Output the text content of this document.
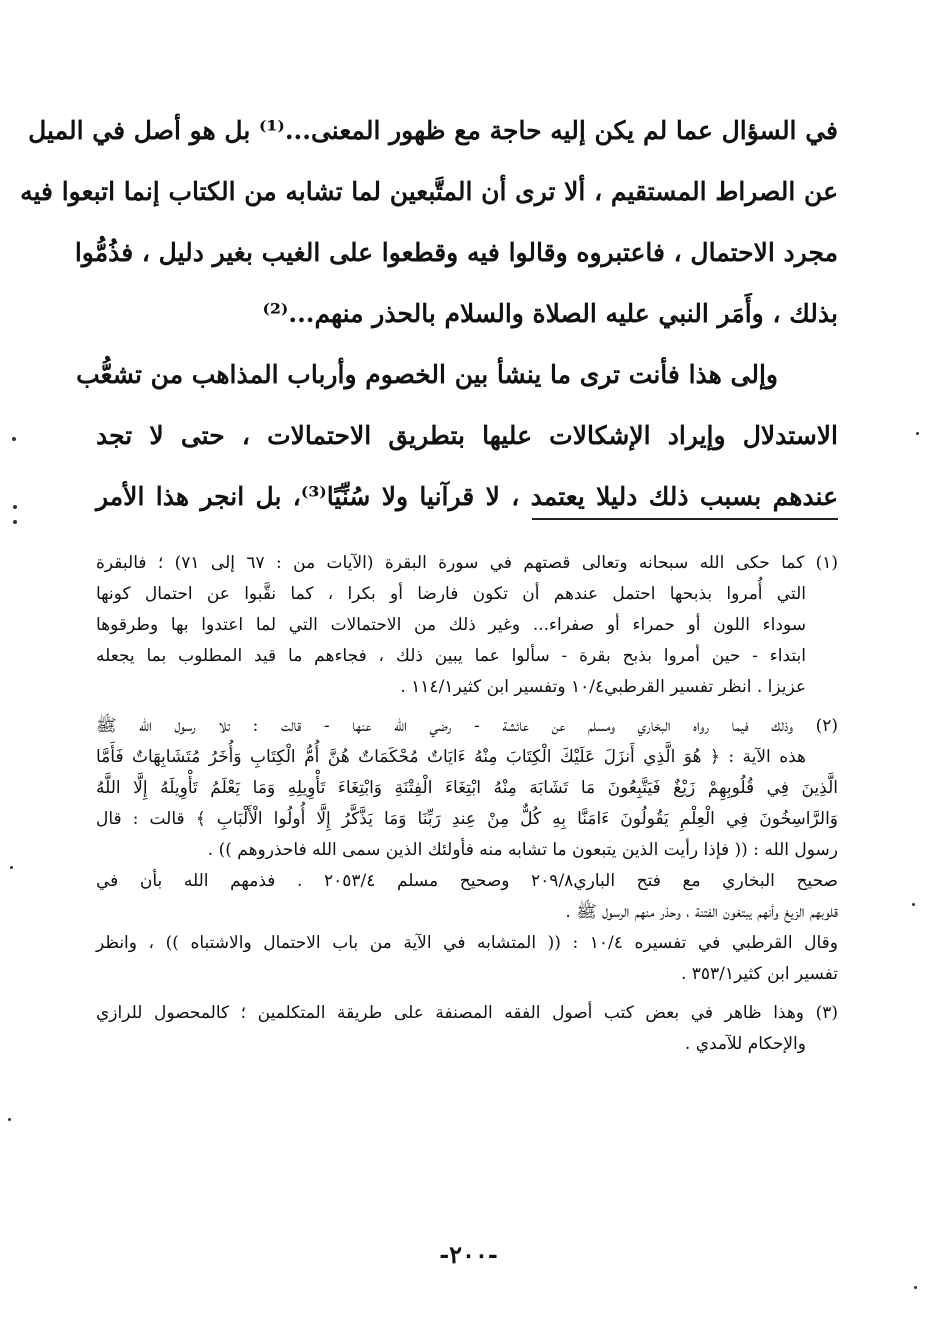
في السؤال عما لم يكن إليه حاجة مع ظهور المعنى...⁽¹⁾ بل هو أصل في الميل
عن الصراط المستقيم ، ألا ترى أن المتَّبعين لما تشابه من الكتاب إنما اتبعوا فيه
مجرد الاحتمال ، فاعتبروه وقالوا فيه وقطعوا على الغيب بغير دليل ، فذُمُّوا
بذلك ، وأَمَر النبي عليه الصلاة والسلام بالحذر منهم...⁽²⁾
وإلى هذا فأنت ترى ما ينشأ بين الخصوم وأرباب المذاهب من تشعُّب
الاستدلال وإيراد الإشكالات عليها بتطريق الاحتمالات ، حتى لا تجد
عندهم بسبب ذلك دليلا يعتمد ، لا قرآنيا ولا سُنِّيًا⁽³⁾، بل انجر هذا الأمر
(١) كما حكى الله سبحانه وتعالى قصتهم في سورة البقرة (الآيات من : ٦٧ إلى ٧١) ؛ فالبقرة
التي أُمروا بذبحها احتمل عندهم أن تكون فارضا أو بكرا ، كما نقَّبوا عن احتمال كونها
سوداء اللون أو حمراء أو صفراء... وغير ذلك من الاحتمالات التي لما اعتدوا بها وطرقوها
ابتداء - حين أمروا بذبح بقرة - سألوا عما يبين ذلك ، فجاءهم ما قيد المطلوب بما يجعله
عزيزا . انظر تفسير القرطبي١٠/٤ وتفسير ابن كثير١١٤/١ .
(٢) وذلك فيما رواه البخاري ومسلم عن عائشة - رضي الله عنها - قالت : تلا رسول الله ﷺ
هذه الآية : ﴿ هُوَ الَّذِي أَنزَلَ عَلَيْكَ الْكِتَابَ مِنْهُ ءَايَاتٌ مُحْكَمَاتٌ هُنَّ أُمُّ الْكِتَابِ وَأُخَرُ مُتَشَابِهَاتٌ فَأَمَّا
الَّذِينَ فِي قُلُوبِهِمْ زَيْغٌ فَيَتَّبِعُونَ مَا تَشَابَهَ مِنْهُ ابْتِغَاءَ الْفِتْنَةِ وَابْتِغَاءَ تَأْوِيلِهِ وَمَا يَعْلَمُ تَأْوِيلَهُ إِلَّا اللَّهُ
وَالرَّاسِخُونَ فِي الْعِلْمِ يَقُولُونَ ءَامَنَّا بِهِ كُلٌّ مِنْ عِندِ رَبِّنَا وَمَا يَذَّكَّرُ إِلَّا أُولُوا الْأَلْبَابِ ﴾ قالت : قال
رسول الله : (( فإذا رأيت الذين يتبعون ما تشابه منه فأولئك الذين سمى الله فاحذروهم )) .
صحيح البخاري مع فتح الباري٢٠٩/٨ وصحيح مسلم ٢٠٥٣/٤ . فذمهم الله بأن في
قلوبهم الزيغ وأنهم يبتغون الفتنة ، وحذر منهم الرسول ﷺ .
وقال القرطبي في تفسيره ١٠/٤ : (( المتشابه في الآية من باب الاحتمال والاشتباه )) ، وانظر
تفسير ابن كثير٣٥٣/١ .
(٣) وهذا ظاهر في بعض كتب أصول الفقه المصنفة على طريقة المتكلمين ؛ كالمحصول للرازي
والإحكام للآمدي .
-٢٠٠-
